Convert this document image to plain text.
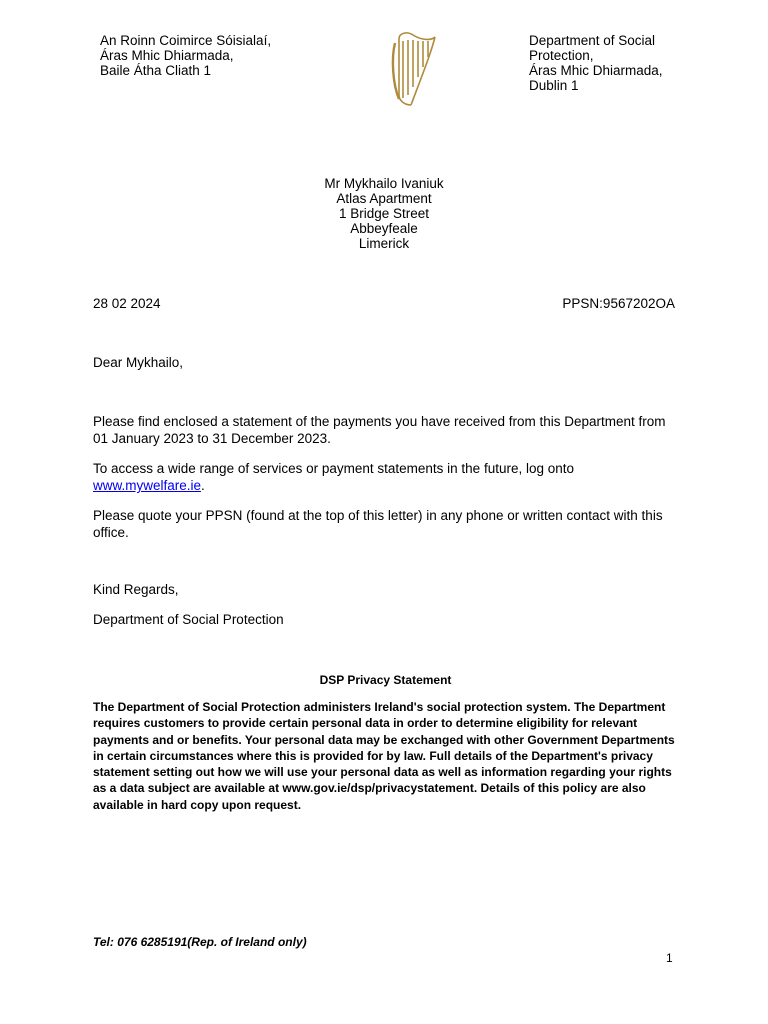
An Roinn Coimirce Sóisialaí,
Áras Mhic Dhiarmada,
Baile Átha Cliath 1
Department of Social
Protection,
Áras Mhic Dhiarmada,
Dublin 1
Mr Mykhailo Ivaniuk
Atlas Apartment
1 Bridge Street
Abbeyfeale
Limerick
28 02 2024	PPSN:9567202OA
Dear Mykhailo,
Please find enclosed a statement of the payments you have received from this Department from 01 January 2023 to 31 December 2023.
To access a wide range of services or payment statements in the future, log onto www.mywelfare.ie.
Please quote your PPSN (found at the top of this letter) in any phone or written contact with this office.
Kind Regards,
Department of Social Protection
DSP Privacy Statement
The Department of Social Protection administers Ireland's social protection system. The Department requires customers to provide certain personal data in order to determine eligibility for relevant payments and or benefits. Your personal data may be exchanged with other Government Departments in certain circumstances where this is provided for by law. Full details of the Department's privacy statement setting out how we will use your personal data as well as information regarding your rights as a data subject are available at www.gov.ie/dsp/privacystatement. Details of this policy are also available in hard copy upon request.
Tel: 076 6285191(Rep. of Ireland only)
1
